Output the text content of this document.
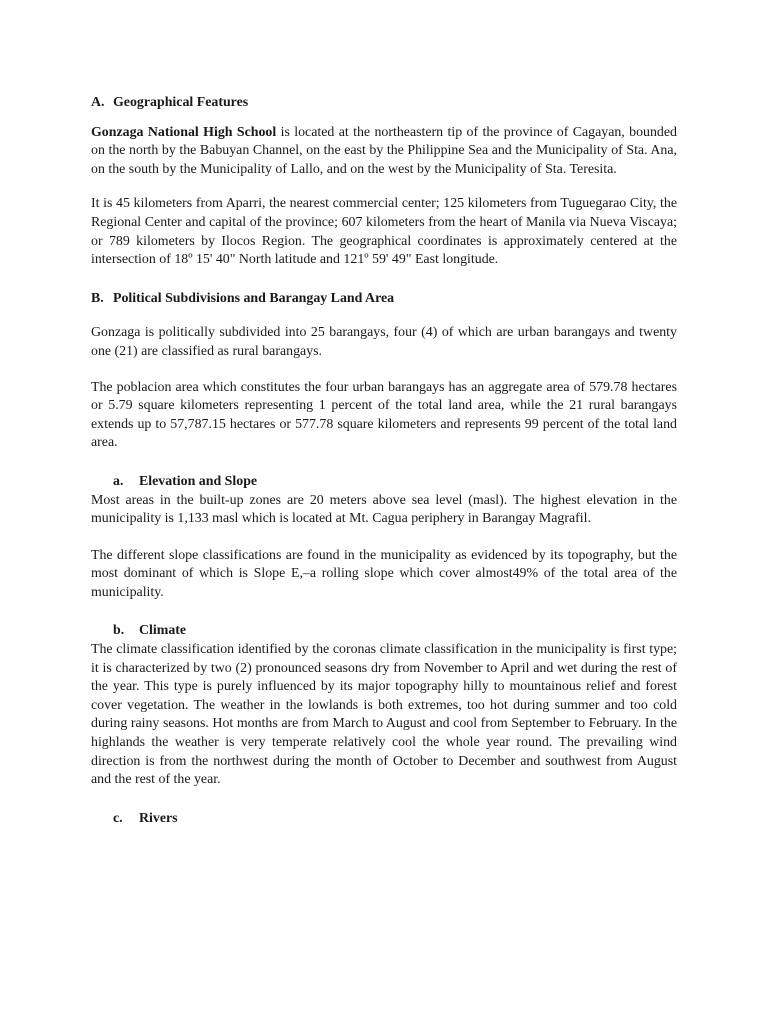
A. Geographical Features

Gonzaga National High School is located at the northeastern tip of the province of Cagayan, bounded on the north by the Babuyan Channel, on the east by the Philippine Sea and the Municipality of Sta. Ana, on the south by the Municipality of Lallo, and on the west by the Municipality of Sta. Teresita.

It is 45 kilometers from Aparri, the nearest commercial center; 125 kilometers from Tuguegarao City, the Regional Center and capital of the province; 607 kilometers from the heart of Manila via Nueva Viscaya; or 789 kilometers by Ilocos Region. The geographical coordinates is approximately centered at the intersection of 18º 15' 40" North latitude and 121º 59' 49" East longitude.

B. Political Subdivisions and Barangay Land Area

Gonzaga is politically subdivided into 25 barangays, four (4) of which are urban barangays and twenty one (21) are classified as rural barangays.

The poblacion area which constitutes the four urban barangays has an aggregate area of 579.78 hectares or 5.79 square kilometers representing 1 percent of the total land area, while the 21 rural barangays extends up to 57,787.15 hectares or 577.78 square kilometers and represents 99 percent of the total land area.

a. Elevation and Slope

Most areas in the built-up zones are 20 meters above sea level (masl). The highest elevation in the municipality is 1,133 masl which is located at Mt. Cagua periphery in Barangay Magrafil.

The different slope classifications are found in the municipality as evidenced by its topography, but the most dominant of which is Slope E,–a rolling slope which cover almost49% of the total area of the municipality.

b. Climate

The climate classification identified by the coronas climate classification in the municipality is first type; it is characterized by two (2) pronounced seasons dry from November to April and wet during the rest of the year. This type is purely influenced by its major topography hilly to mountainous relief and forest cover vegetation. The weather in the lowlands is both extremes, too hot during summer and too cold during rainy seasons. Hot months are from March to August and cool from September to February. In the highlands the weather is very temperate relatively cool the whole year round. The prevailing wind direction is from the northwest during the month of October to December and southwest from August and the rest of the year.

c. Rivers
